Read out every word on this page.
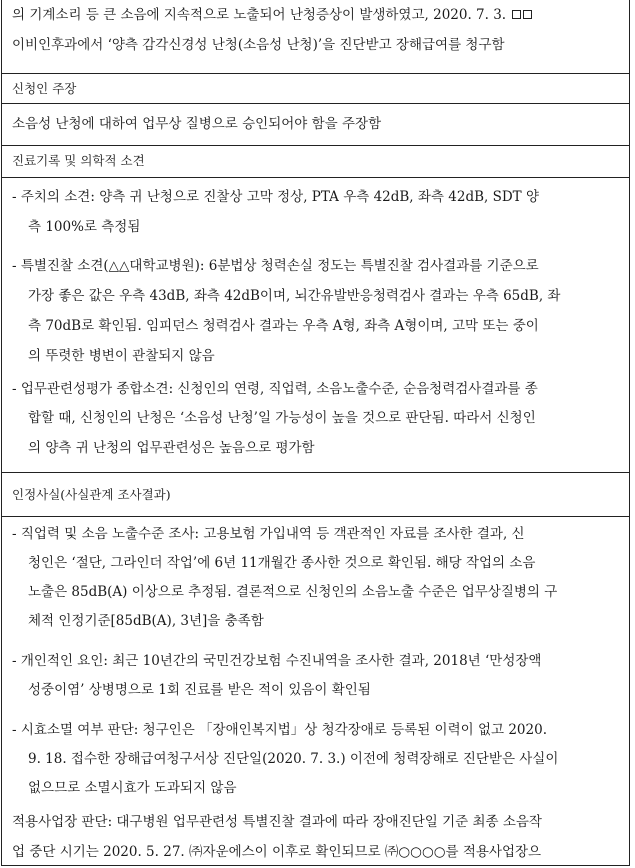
의 기계소리 등 큰 소음에 지속적으로 노출되어 난청증상이 발생하였고, 2020. 7. 3.
이비인후과에서 ‘양측 감각신경성 난청(소음성 난청)’을 진단받고 장해급여를 청구함
신청인 주장
소음성 난청에 대하여 업무상 질병으로 승인되어야 함을 주장함
진료기록 및 의학적 소견
- 주치의 소견: 양측 귀 난청으로 진찰상 고막 정상, PTA 우측 42dB, 좌측 42dB, SDT 양
측 100%로 측정됨
- 특별진찰 소견(△△대학교병원): 6분법상 청력손실 정도는 특별진찰 검사결과를 기준으로
가장 좋은 값은 우측 43dB, 좌측 42dB이며, 뇌간유발반응청력검사 결과는 우측 65dB, 좌
측 70dB로 확인됨. 임피던스 청력검사 결과는 우측 A형, 좌측 A형이며, 고막 또는 중이
의 뚜렷한 병변이 관찰되지 않음
- 업무관련성평가 종합소견: 신청인의 연령, 직업력, 소음노출수준, 순음청력검사결과를 종
합할 때, 신청인의 난청은 ‘소음성 난청’일 가능성이 높을 것으로 판단됨. 따라서 신청인
의 양측 귀 난청의 업무관련성은 높음으로 평가함
인정사실(사실관계 조사결과)
- 직업력 및 소음 노출수준 조사: 고용보험 가입내역 등 객관적인 자료를 조사한 결과, 신
청인은 ‘절단, 그라인더 작업’에 6년 11개월간 종사한 것으로 확인됨. 해당 작업의 소음
노출은 85dB(A) 이상으로 추정됨. 결론적으로 신청인의 소음노출 수준은 업무상질병의 구
체적 인정기준[85dB(A), 3년]을 충족함
- 개인적인 요인: 최근 10년간의 국민건강보험 수진내역을 조사한 결과, 2018년 ‘만성장액
성중이염’ 상병명으로 1회 진료를 받은 적이 있음이 확인됨
- 시효소멸 여부 판단: 청구인은 「장애인복지법」상 청각장애로 등록된 이력이 없고 2020.
9. 18. 접수한 장해급여청구서상 진단일(2020. 7. 3.) 이전에 청력장해로 진단받은 사실이
없으므로 소멸시효가 도과되지 않음
적용사업장 판단: 대구병원 업무관련성 특별진찰 결과에 따라 장애진단일 기준 최종 소음작
업 중단 시기는 2020. 5. 27. ㈜자운에스이 이후로 확인되므로 ㈜○○○○를 적용사업장으
